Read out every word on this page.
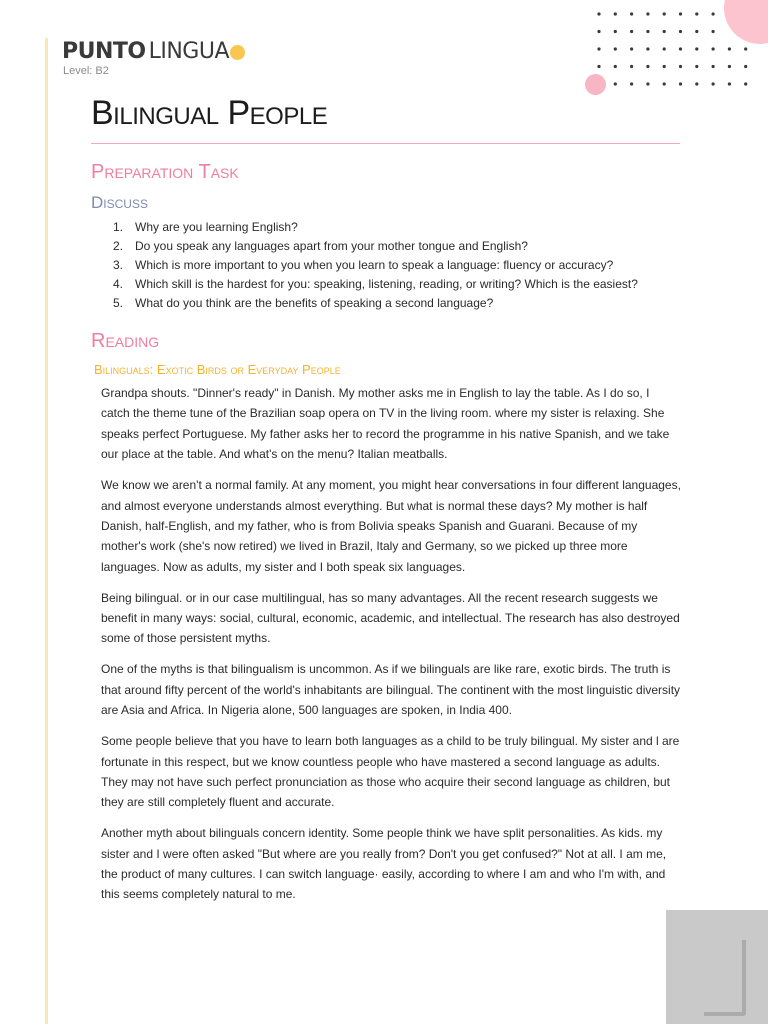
PUNTO LINGUA
Level: B2
Bilingual People
Preparation Task
Discuss
1. Why are you learning English?
2. Do you speak any languages apart from your mother tongue and English?
3. Which is more important to you when you learn to speak a language: fluency or accuracy?
4. Which skill is the hardest for you: speaking, listening, reading, or writing? Which is the easiest?
5. What do you think are the benefits of speaking a second language?
Reading
Bilinguals: Exotic Birds or Everyday People

Grandpa shouts. "Dinner's ready" in Danish. My mother asks me in English to lay the table. As I do so, I catch the theme tune of the Brazilian soap opera on TV in the living room. where my sister is relaxing. She speaks perfect Portuguese. My father asks her to record the programme in his native Spanish, and we take our place at the table. And what's on the menu? Italian meatballs.

We know we aren't a normal family. At any moment, you might hear conversations in four different languages, and almost everyone understands almost everything. But what is normal these days? My mother is half Danish, half-English, and my father, who is from Bolivia speaks Spanish and Guarani. Because of my mother's work (she's now retired) we lived in Brazil, Italy and Germany, so we picked up three more languages. Now as adults, my sister and I both speak six languages.

Being bilingual. or in our case multilingual, has so many advantages. All the recent research suggests we benefit in many ways: social, cultural, economic, academic, and intellectual. The research has also destroyed some of those persistent myths.

One of the myths is that bilingualism is uncommon. As if we bilinguals are like rare, exotic birds. The truth is that around fifty percent of the world's inhabitants are bilingual. The continent with the most linguistic diversity are Asia and Africa. In Nigeria alone, 500 languages are spoken, in India 400.

Some people believe that you have to learn both languages as a child to be truly bilingual. My sister and l are fortunate in this respect, but we know countless people who have mastered a second language as adults. They may not have such perfect pronunciation as those who acquire their second language as children, but they are still completely fluent and accurate.

Another myth about bilinguals concern identity. Some people think we have split personalities. As kids. my sister and I were often asked "But where are you really from? Don't you get confused?" Not at all. I am me, the product of many cultures. I can switch language· easily, according to where I am and who I'm with, and this seems completely natural to me.
